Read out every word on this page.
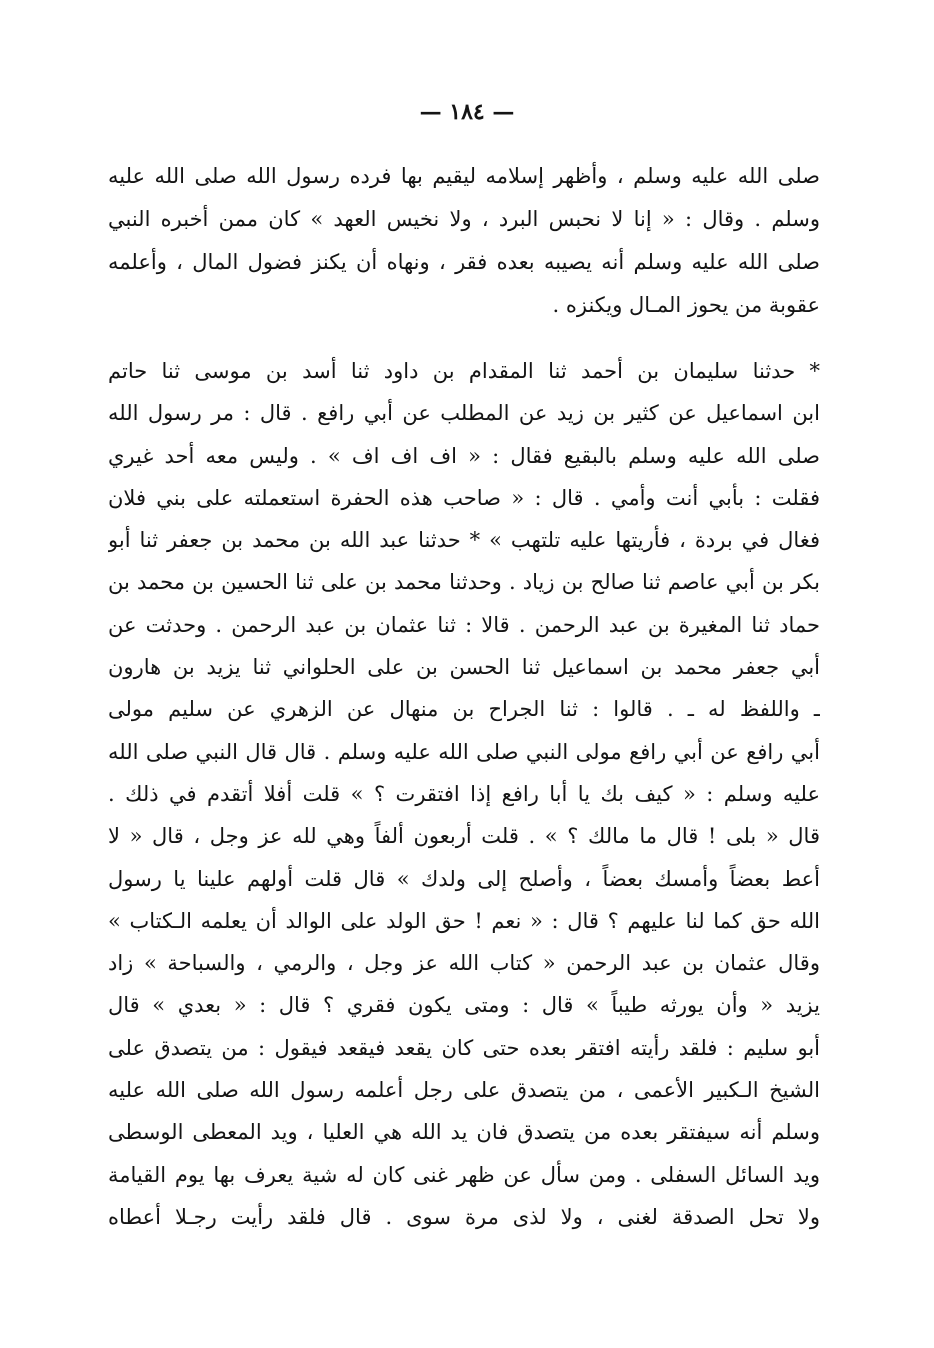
— ١٨٤ —
صلى الله عليه وسلم ، وأظهر إسلامه ليقيم بها فرده رسول الله صلى الله عليه
وسلم . وقال : « إنا لا نحبس البرد ، ولا نخيس العهد » كان ممن أخبره النبي
صلى الله عليه وسلم أنه يصيبه بعده فقر ، ونهاه أن يكنز فضول المال ، وأعلمه
عقوبة من يحوز المـال ويكنزه .
* حدثنا سليمان بن أحمد ثنا المقدام بن داود ثنا أسد بن موسى ثنا حاتم
ابن اسماعيل عن كثير بن زيد عن المطلب عن أبي رافع . قال : مر رسول الله
صلى الله عليه وسلم بالبقيع فقال : « اف اف اف » . وليس معه أحد غيري
فقلت : بأبي أنت وأمي . قال : « صاحب هذه الحفرة استعملته على بني فلان
فغال في بردة ، فأريتها عليه تلتهب » * حدثنا عبد الله بن محمد بن جعفر ثنا أبو
بكر بن أبي عاصم ثنا صالح بن زياد . وحدثنا محمد بن على ثنا الحسين بن محمد بن
حماد ثنا المغيرة بن عبد الرحمن . قالا : ثنا عثمان بن عبد الرحمن . وحدثت عن
أبي جعفر محمد بن اسماعيل ثنا الحسن بن على الحلواني ثنا يزيد بن هارون
ـ واللفظ له ـ . قالوا : ثنا الجراح بن منهال عن الزهري عن سليم مولى
أبي رافع عن أبي رافع مولى النبي صلى الله عليه وسلم . قال قال النبي صلى الله
عليه وسلم : « كيف بك يا أبا رافع إذا افتقرت ؟ » قلت أفلا أتقدم في ذلك .
قال « بلى ! قال ما مالك ؟ » . قلت أربعون ألفاً وهي لله عز وجل ، قال « لا
أعط بعضاً وأمسك بعضاً ، وأصلح إلى ولدك » قال قلت أولهم علينا يا رسول
الله حق كما لنا عليهم ؟ قال : « نعم ! حق الولد على الوالد أن يعلمه الـكتاب »
وقال عثمان بن عبد الرحمن « كتاب الله عز وجل ، والرمي ، والسباحة » زاد
يزيد « وأن يورثه طيباً » قال : ومتى يكون فقري ؟ قال : « بعدي » قال
أبو سليم : فلقد رأيته افتقر بعده حتى كان يقعد فيقعد فيقول : من يتصدق على
الشيخ الـكبير الأعمى ، من يتصدق على رجل أعلمه رسول الله صلى الله عليه
وسلم أنه سيفتقر بعده من يتصدق فان يد الله هي العليا ، ويد المعطى الوسطى
ويد السائل السفلى . ومن سأل عن ظهر غنى كان له شية يعرف بها يوم القيامة
ولا تحل الصدقة لغنى ، ولا لذى مرة سوى . قال فلقد رأيت رجـلا أعطاه
